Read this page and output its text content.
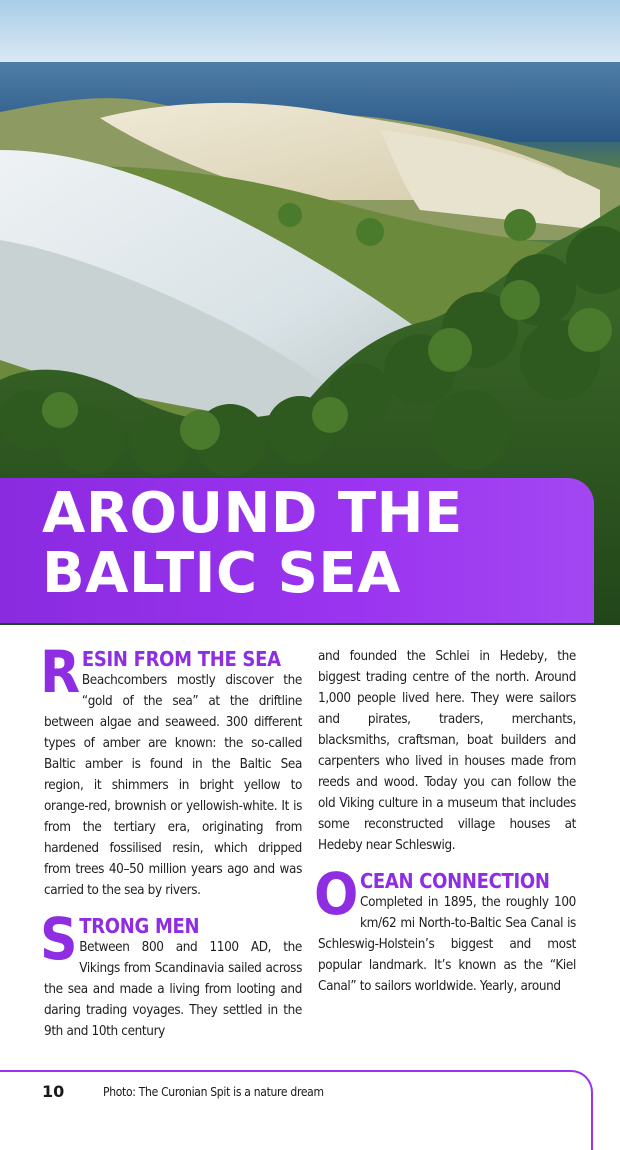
AROUND THE
BALTIC SEA
R ESIN FROM THE SEA

Beachcombers mostly discover the “gold of the sea” at the driftline between algae and seaweed. 300 different types of amber are known: the so-called Baltic amber is found in the Baltic Sea region, it shimmers in bright yellow to orange-red, brownish or yellowish-white. It is from the tertiary era, originating from hardened fossilised resin, which dripped from trees 40–50 million years ago and was carried to the sea by rivers.

S TRONG MEN

Between 800 and 1100 AD, the Vikings from Scandinavia sailed across the sea and made a living from looting and daring trading voyages. They settled in the 9th and 10th century

and founded the Schlei in Hedeby, the biggest trading centre of the north. Around 1,000 people lived here. They were sailors and pirates, traders, merchants, blacksmiths, craftsman, boat builders and carpenters who lived in houses made from reeds and wood. Today you can follow the old Viking culture in a museum that includes some reconstructed village houses at Hedeby near Schleswig.

O CEAN CONNECTION

Completed in 1895, the roughly 100 km/62 mi North-to-Baltic Sea Canal is Schleswig-Holstein’s biggest and most popular landmark. It’s known as the “Kiel Canal” to sailors worldwide. Yearly, around

10	Photo: The Curonian Spit is a nature dream
